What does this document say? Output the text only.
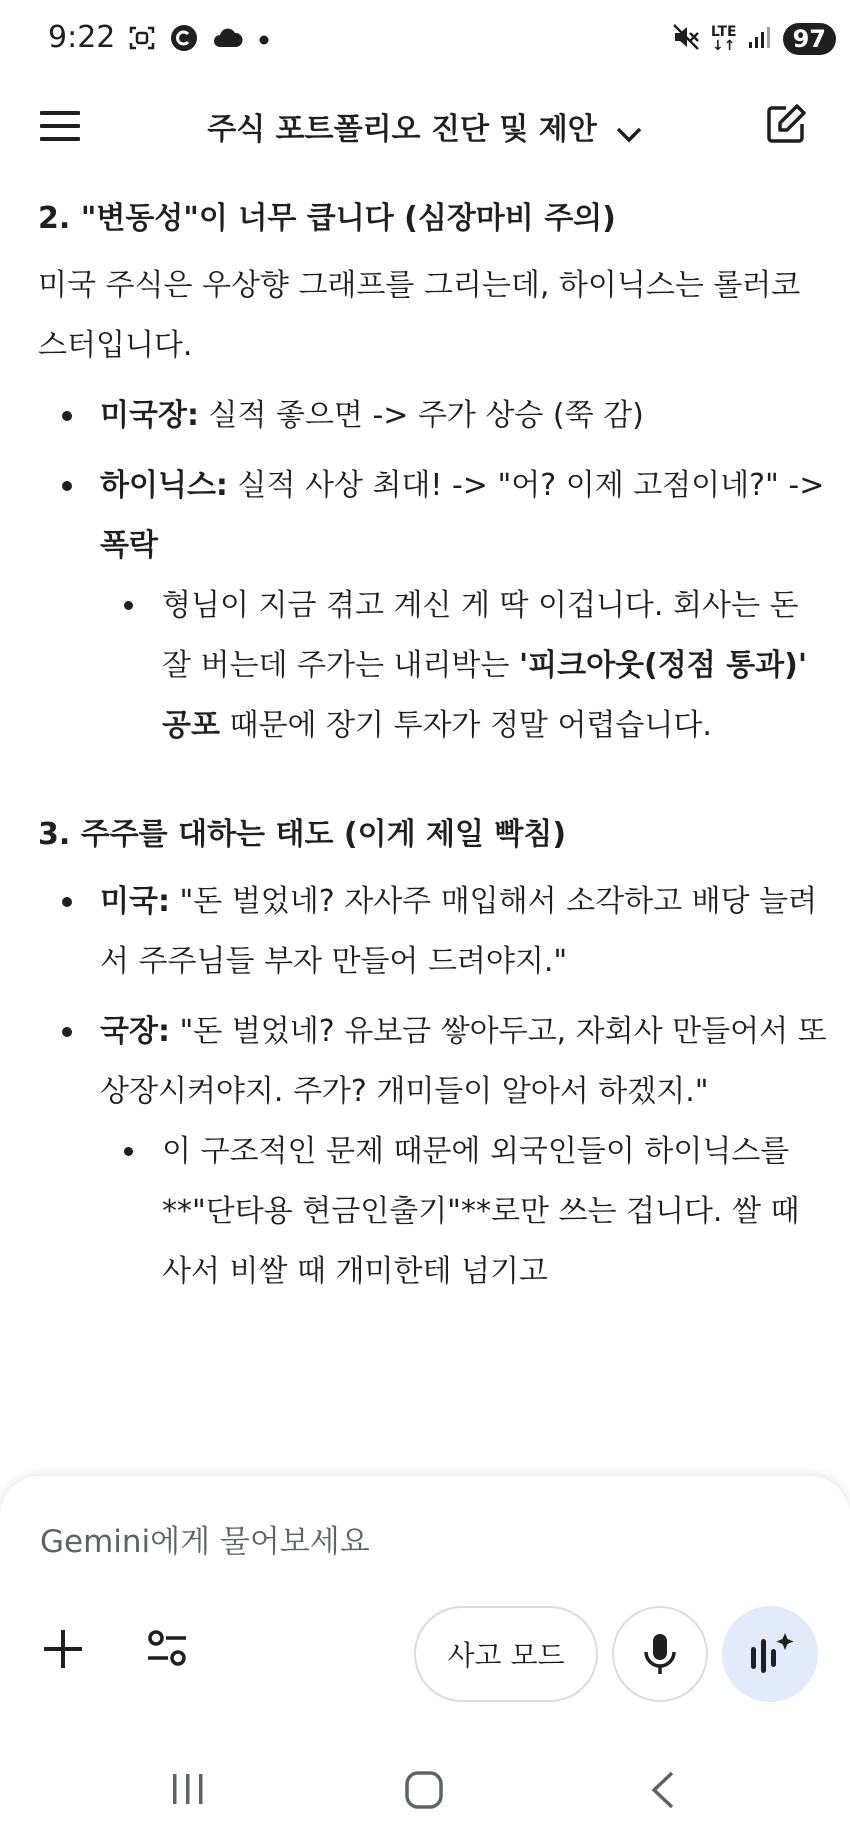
9:22	LTE
↓↑	97
주식 포트폴리오 진단 및 제안
2. "변동성"이 너무 큽니다 (심장마비 주의)
미국 주식은 우상향 그래프를 그리는데, 하이닉스는 롤러코스터입니다.
미국장: 실적 좋으면 -> 주가 상승 (쭉 감)
하이닉스: 실적 사상 최대! -> "어? 이제 고점이네?" -> 폭락
형님이 지금 겪고 계신 게 딱 이겁니다. 회사는 돈 잘 버는데 주가는 내리박는 '피크아웃(정점 통과)' 공포 때문에 장기 투자가 정말 어렵습니다.
3. 주주를 대하는 태도 (이게 제일 빡침)
미국: "돈 벌었네? 자사주 매입해서 소각하고 배당 늘려서 주주님들 부자 만들어 드려야지."
국장: "돈 벌었네? 유보금 쌓아두고, 자회사 만들어서 또 상장시켜야지. 주가? 개미들이 알아서 하겠지."
이 구조적인 문제 때문에 외국인들이 하이닉스를 **"단타용 현금인출기"**로만 쓰는 겁니다. 쌀 때 사서 비쌀 때 개미한테 넘기고
Gemini에게 물어보세요
사고 모드
